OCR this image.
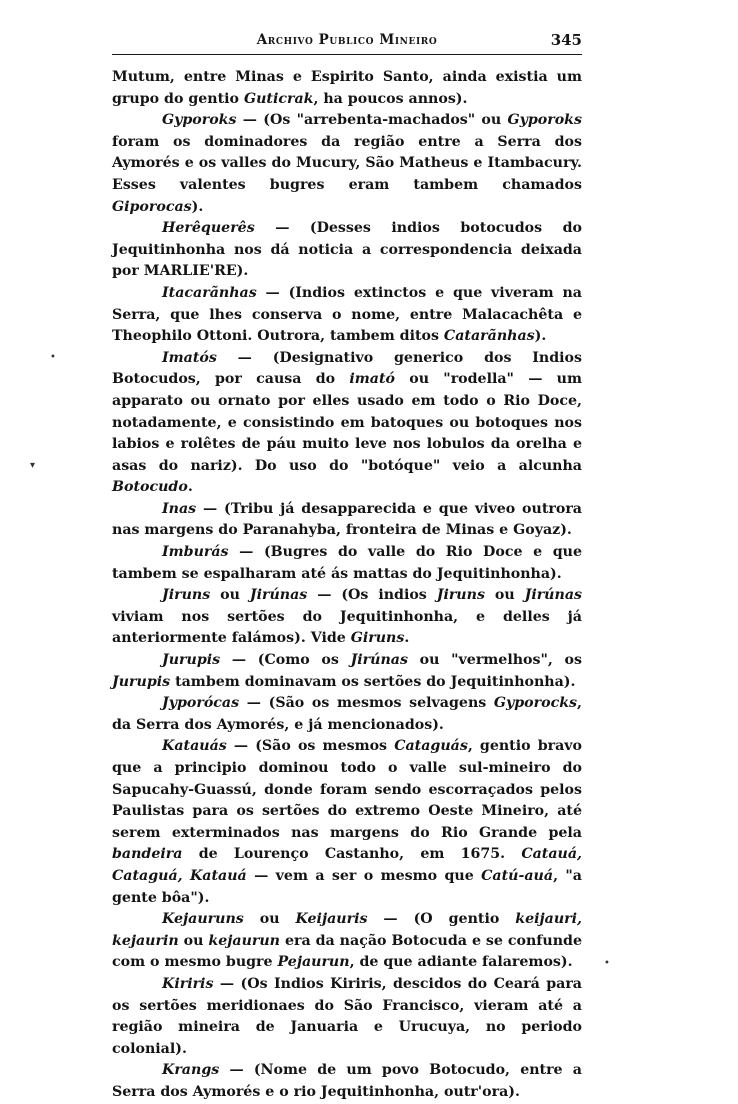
Archivo Publico Mineiro	345

Mutum, entre Minas e Espirito Santo, ainda existia um grupo do gentio Guticrak, ha poucos annos).

Gyporoks — (Os "arrebenta-machados" ou Gyporoks foram os dominadores da região entre a Serra dos Aymorés e os valles do Mucury, São Matheus e Itambacury. Esses valentes bugres eram tambem chamados Giporocas).

Herêquerês — (Desses indios botocudos do Jequitinhonha nos dá noticia a correspondencia deixada por MARLIE'RE).

Itacarãnhas — (Indios extinctos e que viveram na Serra, que lhes conserva o nome, entre Malacachêta e Theophilo Ottoni. Outrora, tambem ditos Catarãnhas).

Imatós — (Designativo generico dos Indios Botocudos, por causa do imató ou "rodella" — um apparato ou ornato por elles usado em todo o Rio Doce, notadamente, e consistindo em batoques ou botoques nos labios e rolêtes de páu muito leve nos lobulos da orelha e asas do nariz). Do uso do "botóque" veio a alcunha Botocudo.

Inas — (Tribu já desapparecida e que viveo outrora nas margens do Paranahyba, fronteira de Minas e Goyaz).

Imburás — (Bugres do valle do Rio Doce e que tambem se espalharam até ás mattas do Jequitinhonha).

Jiruns ou Jirúnas — (Os indios Jiruns ou Jirúnas viviam nos sertões do Jequitinhonha, e delles já anteriormente falámos). Vide Giruns.

Jurupis — (Como os Jirúnas ou "vermelhos", os Jurupis tambem dominavam os sertões do Jequitinhonha).

Jyporócas — (São os mesmos selvagens Gyporocks, da Serra dos Aymorés, e já mencionados).

Katauás — (São os mesmos Cataguás, gentio bravo que a principio dominou todo o valle sul-mineiro do Sapucahy-Guassú, donde foram sendo escorraçados pelos Paulistas para os sertões do extremo Oeste Mineiro, até serem exterminados nas margens do Rio Grande pela bandeira de Lourenço Castanho, em 1675. Catauá, Cataguá, Katauá — vem a ser o mesmo que Catú-auá, "a gente bôa").

Kejauruns ou Keijauris — (O gentio keijauri, kejaurin ou kejaurun era da nação Botocuda e se confunde com o mesmo bugre Pejaurun, de que adiante falaremos).

Kiriris — (Os Indios Kiriris, descidos do Ceará para os sertões meridionaes do São Francisco, vieram até a região mineira de Januaria e Urucuya, no periodo colonial).

Krangs — (Nome de um povo Botocudo, entre a Serra dos Aymorés e o rio Jequitinhonha, outr'ora).

•
▾
•
